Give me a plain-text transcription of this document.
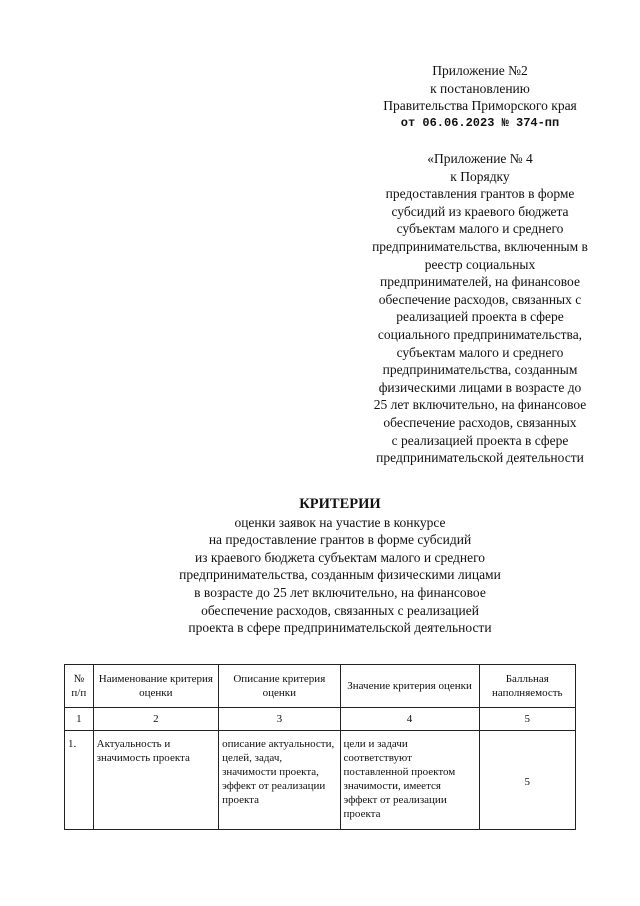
Приложение №2
к постановлению
Правительства Приморского края
от 06.06.2023 № 374-пп
«Приложение № 4
к Порядку
предоставления грантов в форме
субсидий из краевого бюджета
субъектам малого и среднего
предпринимательства, включенным в
реестр социальных
предпринимателей, на финансовое
обеспечение расходов, связанных с
реализацией проекта в сфере
социального предпринимательства,
субъектам малого и среднего
предпринимательства, созданным
физическими лицами в возрасте до
25 лет включительно, на финансовое
обеспечение расходов, связанных
с реализацией проекта в сфере
предпринимательской деятельности
КРИТЕРИИ
оценки заявок на участие в конкурсе
на предоставление грантов в форме субсидий
из краевого бюджета субъектам малого и среднего
предпринимательства, созданным физическими лицами
в возрасте до 25 лет включительно, на финансовое
обеспечение расходов, связанных с реализацией
проекта в сфере предпринимательской деятельности
№ п/п	Наименование критерия оценки	Описание критерия оценки	Значение критерия оценки	Балльная наполняемость
1	2	3	4	5
1.	Актуальность и значимость проекта	описание актуальности, целей, задач, значимости проекта, эффект от реализации проекта	цели и задачи соответствуют поставленной проектом значимости, имеется эффект от реализации проекта	5
